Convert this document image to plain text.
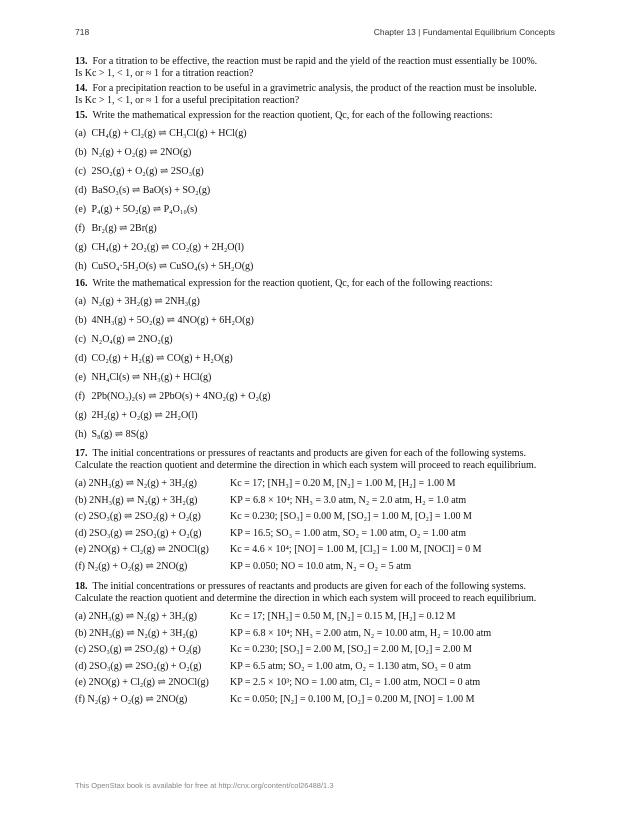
718	Chapter 13 | Fundamental Equilibrium Concepts

13. For a titration to be effective, the reaction must be rapid and the yield of the reaction must essentially be 100%.

Is Kc > 1, < 1, or ≈ 1 for a titration reaction?

14. For a precipitation reaction to be useful in a gravimetric analysis, the product of the reaction must be insoluble.

Is Kc > 1, < 1, or ≈ 1 for a useful precipitation reaction?

15. Write the mathematical expression for the reaction quotient, Qc, for each of the following reactions:

(a) CH₄(g) + Cl₂(g) ⇌ CH₃Cl(g) + HCl(g)

(b) N₂(g) + O₂(g) ⇌ 2NO(g)

(c) 2SO₂(g) + O₂(g) ⇌ 2SO₃(g)

(d) BaSO₃(s) ⇌ BaO(s) + SO₂(g)

(e) P₄(g) + 5O₂(g) ⇌ P₄O₁₀(s)

(f) Br₂(g) ⇌ 2Br(g)

(g) CH₄(g) + 2O₂(g) ⇌ CO₂(g) + 2H₂O(l)

(h) CuSO₄·5H₂O(s) ⇌ CuSO₄(s) + 5H₂O(g)

16. Write the mathematical expression for the reaction quotient, Qc, for each of the following reactions:

(a) N₂(g) + 3H₂(g) ⇌ 2NH₃(g)

(b) 4NH₃(g) + 5O₂(g) ⇌ 4NO(g) + 6H₂O(g)

(c) N₂O₄(g) ⇌ 2NO₂(g)

(d) CO₂(g) + H₂(g) ⇌ CO(g) + H₂O(g)

(e) NH₄Cl(s) ⇌ NH₃(g) + HCl(g)

(f) 2Pb(NO₃)₂(s) ⇌ 2PbO(s) + 4NO₂(g) + O₂(g)

(g) 2H₂(g) + O₂(g) ⇌ 2H₂O(l)

(h) S₈(g) ⇌ 8S(g)

17. The initial concentrations or pressures of reactants and products are given for each of the following systems.

Calculate the reaction quotient and determine the direction in which each system will proceed to reach equilibrium.

(a) 2NH₃(g) ⇌ N₂(g) + 3H₂(g)	Kc = 17; [NH₃] = 0.20 M, [N₂] = 1.00 M, [H₂] = 1.00 M
(b) 2NH₃(g) ⇌ N₂(g) + 3H₂(g)	KP = 6.8 × 10⁴; NH₃ = 3.0 atm, N₂ = 2.0 atm, H₂ = 1.0 atm
(c) 2SO₃(g) ⇌ 2SO₂(g) + O₂(g)	Kc = 0.230; [SO₃] = 0.00 M, [SO₂] = 1.00 M, [O₂] = 1.00 M
(d) 2SO₃(g) ⇌ 2SO₂(g) + O₂(g)	KP = 16.5; SO₃ = 1.00 atm, SO₂ = 1.00 atm, O₂ = 1.00 atm
(e) 2NO(g) + Cl₂(g) ⇌ 2NOCl(g) Kc = 4.6 × 10⁴; [NO] = 1.00 M, [Cl₂] = 1.00 M, [NOCl] = 0 M
(f) N₂(g) + O₂(g) ⇌ 2NO(g)	KP = 0.050; NO = 10.0 atm, N₂ = O₂ = 5 atm

18. The initial concentrations or pressures of reactants and products are given for each of the following systems.

Calculate the reaction quotient and determine the direction in which each system will proceed to reach equilibrium.

(a) 2NH₃(g) ⇌ N₂(g) + 3H₂(g)	Kc = 17; [NH₃] = 0.50 M, [N₂] = 0.15 M, [H₂] = 0.12 M
(b) 2NH₃(g) ⇌ N₂(g) + 3H₂(g)	KP = 6.8 × 10⁴; NH₃ = 2.00 atm, N₂ = 10.00 atm, H₂ = 10.00 atm
(c) 2SO₃(g) ⇌ 2SO₂(g) + O₂(g)	Kc = 0.230; [SO₃] = 2.00 M, [SO₂] = 2.00 M, [O₂] = 2.00 M
(d) 2SO₃(g) ⇌ 2SO₂(g) + O₂(g)	KP = 6.5 atm; SO₂ = 1.00 atm, O₂ = 1.130 atm, SO₃ = 0 atm
(e) 2NO(g) + Cl₂(g) ⇌ 2NOCl(g) KP = 2.5 × 10³; NO = 1.00 atm, Cl₂ = 1.00 atm, NOCl = 0 atm
(f) N₂(g) + O₂(g) ⇌ 2NO(g)	Kc = 0.050; [N₂] = 0.100 M, [O₂] = 0.200 M, [NO] = 1.00 M
This OpenStax book is available for free at http://cnx.org/content/col26488/1.3
